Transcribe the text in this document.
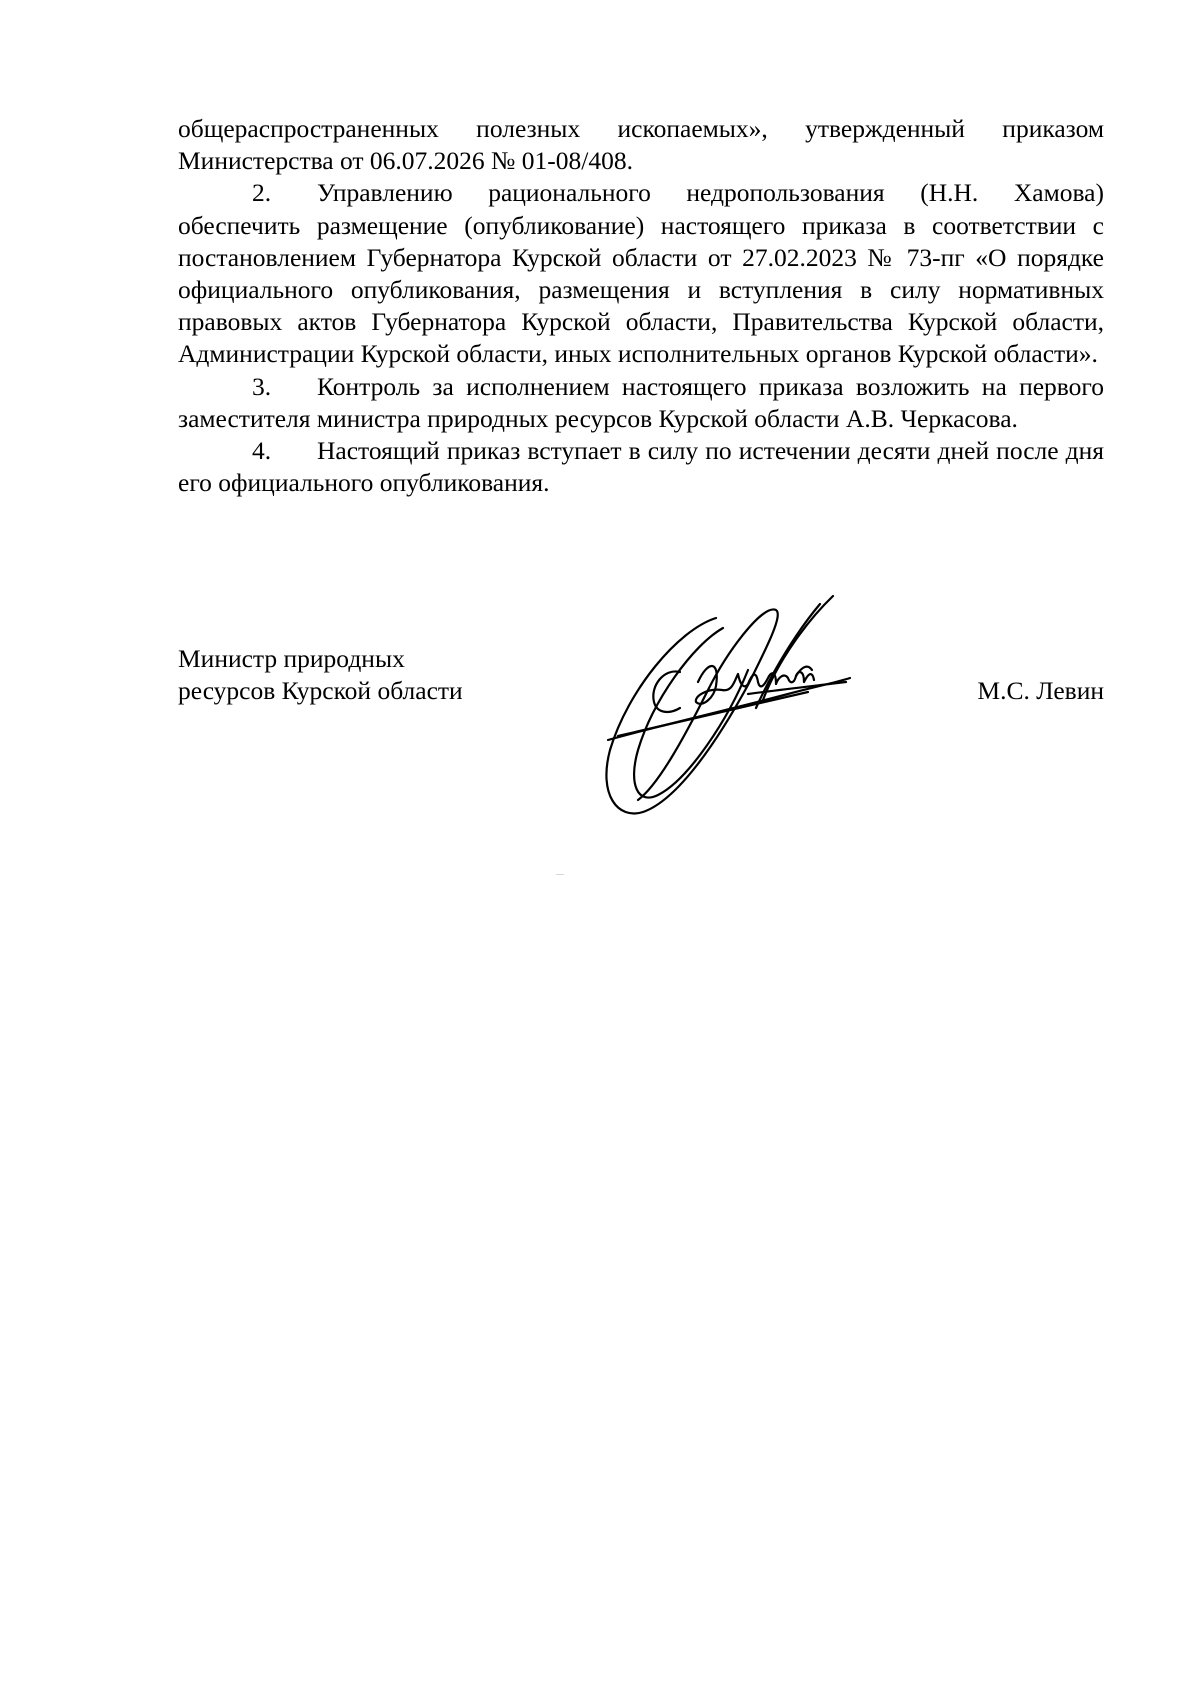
общераспространенных полезных ископаемых», утвержденный приказом Министерства от 06.07.2026 № 01-08/408.

2. Управлению рационального недропользования (Н.Н. Хамова) обеспечить размещение (опубликование) настоящего приказа в соответствии с постановлением Губернатора Курской области от 27.02.2023 № 73-пг «О порядке официального опубликования, размещения и вступления в силу нормативных правовых актов Губернатора Курской области, Правительства Курской области, Администрации Курской области, иных исполнительных органов Курской области».

3. Контроль за исполнением настоящего приказа возложить на первого заместителя министра природных ресурсов Курской области А.В. Черкасова.

4. Настоящий приказ вступает в силу по истечении десяти дней после дня его официального опубликования.

Министр природных
ресурсов Курской области	М.С. Левин
